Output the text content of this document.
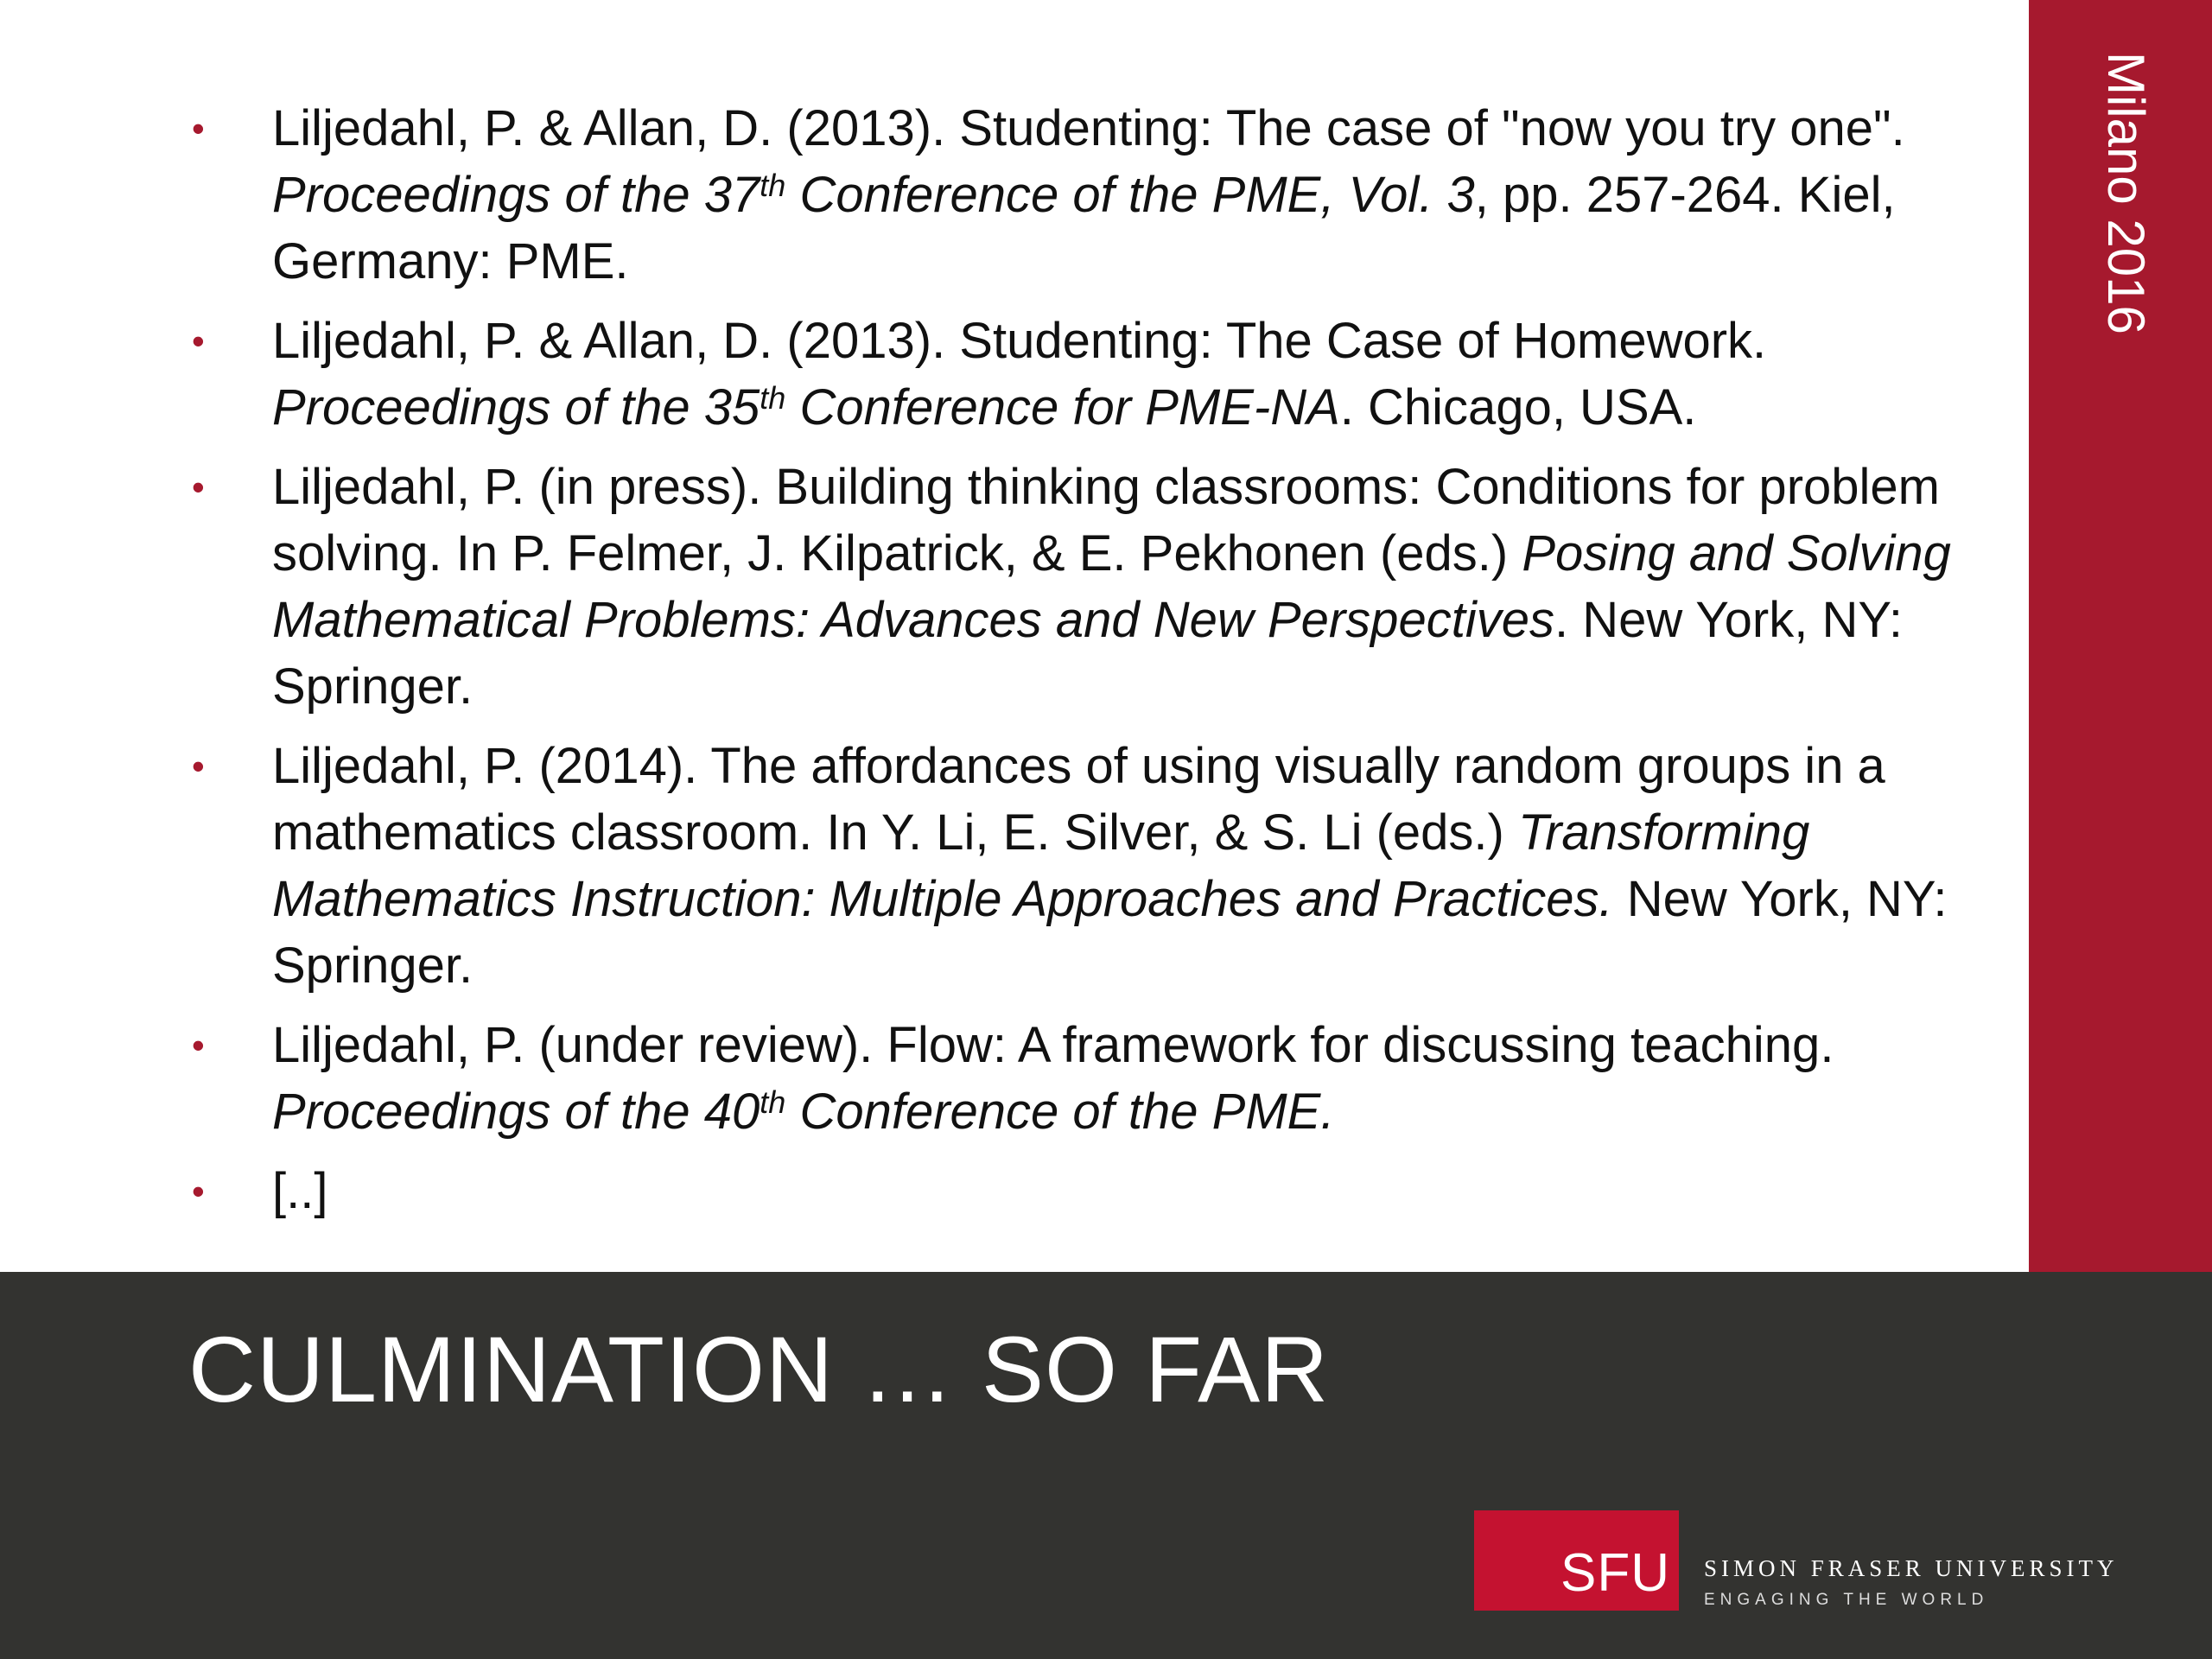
Milano 2016
• Liljedahl, P. & Allan, D. (2013). Studenting: The case of "now you try one". Proceedings of the 37th Conference of the PME, Vol. 3, pp. 257-264. Kiel, Germany: PME.
• Liljedahl, P. & Allan, D. (2013). Studenting: The Case of Homework. Proceedings of the 35th Conference for PME-NA. Chicago, USA.
• Liljedahl, P. (in press). Building thinking classrooms: Conditions for problem solving. In P. Felmer, J. Kilpatrick, & E. Pekhonen (eds.) Posing and Solving Mathematical Problems: Advances and New Perspectives. New York, NY: Springer.
• Liljedahl, P. (2014). The affordances of using visually random groups in a mathematics classroom. In Y. Li, E. Silver, & S. Li (eds.) Transforming Mathematics Instruction: Multiple Approaches and Practices. New York, NY: Springer.
• Liljedahl, P. (under review). Flow: A framework for discussing teaching. Proceedings of the 40th Conference of the PME.
• [..]
CULMINATION … SO FAR
SFU SIMON FRASER UNIVERSITY
ENGAGING THE WORLD
